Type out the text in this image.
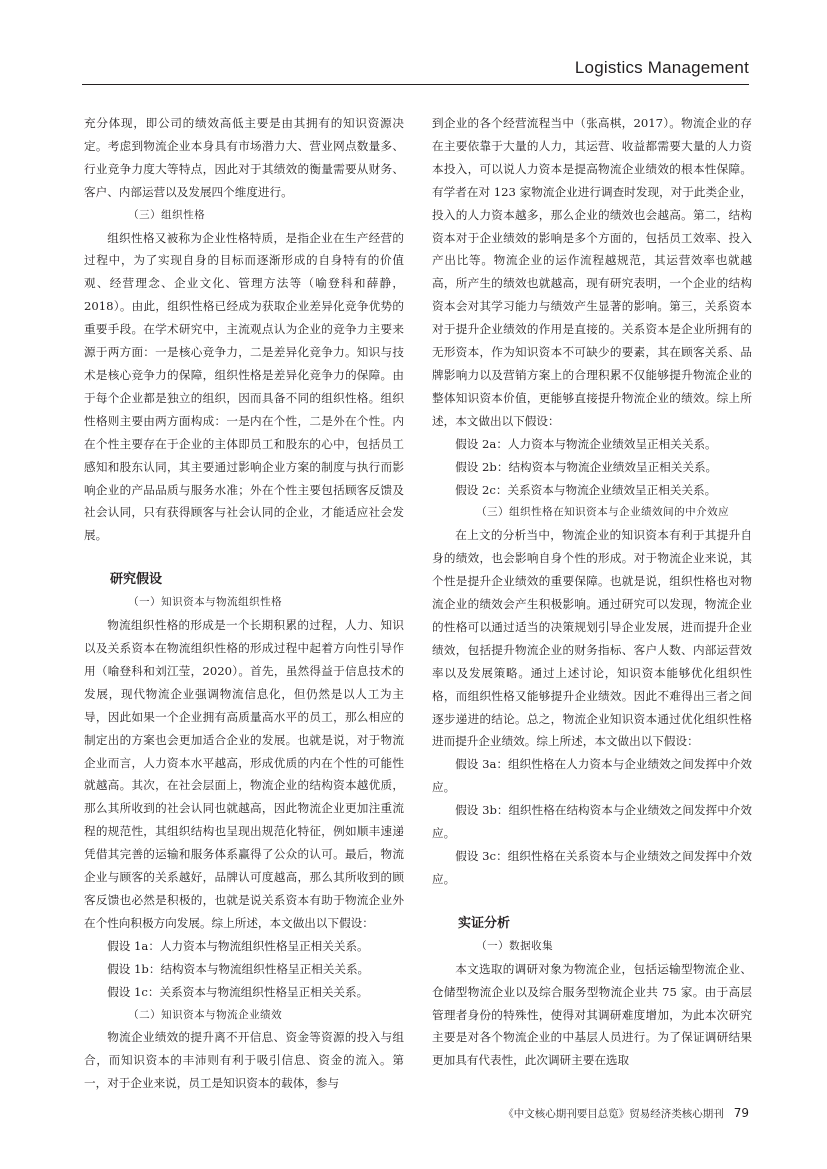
Logistics Management

充分体现，即公司的绩效高低主要是由其拥有的知识资源决定。考虑到物流企业本身具有市场潜力大、营业网点数量多、行业竞争力度大等特点，因此对于其绩效的衡量需要从财务、客户、内部运营以及发展四个维度进行。

（三）组织性格

组织性格又被称为企业性格特质，是指企业在生产经营的过程中，为了实现自身的目标而逐渐形成的自身特有的价值观、经营理念、企业文化、管理方法等（喻登科和薛静，2018）。由此，组织性格已经成为获取企业差异化竞争优势的重要手段。在学术研究中，主流观点认为企业的竞争力主要来源于两方面：一是核心竞争力，二是差异化竞争力。知识与技术是核心竞争力的保障，组织性格是差异化竞争力的保障。由于每个企业都是独立的组织，因而具备不同的组织性格。组织性格则主要由两方面构成：一是内在个性，二是外在个性。内在个性主要存在于企业的主体即员工和股东的心中，包括员工感知和股东认同，其主要通过影响企业方案的制度与执行而影响企业的产品品质与服务水准；外在个性主要包括顾客反馈及社会认同，只有获得顾客与社会认同的企业，才能适应社会发展。

研究假设

（一）知识资本与物流组织性格

物流组织性格的形成是一个长期积累的过程，人力、知识以及关系资本在物流组织性格的形成过程中起着方向性引导作用（喻登科和刘江莹，2020）。首先，虽然得益于信息技术的发展，现代物流企业强调物流信息化，但仍然是以人工为主导，因此如果一个企业拥有高质量高水平的员工，那么相应的制定出的方案也会更加适合企业的发展。也就是说，对于物流企业而言，人力资本水平越高，形成优质的内在个性的可能性就越高。其次，在社会层面上，物流企业的结构资本越优质，那么其所收到的社会认同也就越高，因此物流企业更加注重流程的规范性，其组织结构也呈现出规范化特征，例如顺丰速递凭借其完善的运输和服务体系赢得了公众的认可。最后，物流企业与顾客的关系越好，品牌认可度越高，那么其所收到的顾客反馈也必然是积极的，也就是说关系资本有助于物流企业外在个性向积极方向发展。综上所述，本文做出以下假设：

假设 1a：人力资本与物流组织性格呈正相关关系。

假设 1b：结构资本与物流组织性格呈正相关关系。

假设 1c：关系资本与物流组织性格呈正相关关系。

（二）知识资本与物流企业绩效

物流企业绩效的提升离不开信息、资金等资源的投入与组合，而知识资本的丰沛则有利于吸引信息、资金的流入。第一，对于企业来说，员工是知识资本的载体，参与

到企业的各个经营流程当中（张高棋，2017）。物流企业的存在主要依靠于大量的人力，其运营、收益都需要大量的人力资本投入，可以说人力资本是提高物流企业绩效的根本性保障。有学者在对 123 家物流企业进行调查时发现，对于此类企业，投入的人力资本越多，那么企业的绩效也会越高。第二，结构资本对于企业绩效的影响是多个方面的，包括员工效率、投入产出比等。物流企业的运作流程越规范，其运营效率也就越高，所产生的绩效也就越高，现有研究表明，一个企业的结构资本会对其学习能力与绩效产生显著的影响。第三，关系资本对于提升企业绩效的作用是直接的。关系资本是企业所拥有的无形资本，作为知识资本不可缺少的要素，其在顾客关系、品牌影响力以及营销方案上的合理积累不仅能够提升物流企业的整体知识资本价值，更能够直接提升物流企业的绩效。综上所述，本文做出以下假设：

假设 2a：人力资本与物流企业绩效呈正相关关系。

假设 2b：结构资本与物流企业绩效呈正相关关系。

假设 2c：关系资本与物流企业绩效呈正相关关系。

（三）组织性格在知识资本与企业绩效间的中介效应

在上文的分析当中，物流企业的知识资本有利于其提升自身的绩效，也会影响自身个性的形成。对于物流企业来说，其个性是提升企业绩效的重要保障。也就是说，组织性格也对物流企业的绩效会产生积极影响。通过研究可以发现，物流企业的性格可以通过适当的决策规划引导企业发展，进而提升企业绩效，包括提升物流企业的财务指标、客户人数、内部运营效率以及发展策略。通过上述讨论，知识资本能够优化组织性格，而组织性格又能够提升企业绩效。因此不难得出三者之间逐步递进的结论。总之，物流企业知识资本通过优化组织性格进而提升企业绩效。综上所述，本文做出以下假设：

假设 3a：组织性格在人力资本与企业绩效之间发挥中介效应。

假设 3b：组织性格在结构资本与企业绩效之间发挥中介效应。

假设 3c：组织性格在关系资本与企业绩效之间发挥中介效应。

实证分析

（一）数据收集

本文选取的调研对象为物流企业，包括运输型物流企业、仓储型物流企业以及综合服务型物流企业共 75 家。由于高层管理者身份的特殊性，使得对其调研难度增加，为此本次研究主要是对各个物流企业的中基层人员进行。为了保证调研结果更加具有代表性，此次调研主要在选取

《中文核心期刊要目总览》贸易经济类核心期刊 79
